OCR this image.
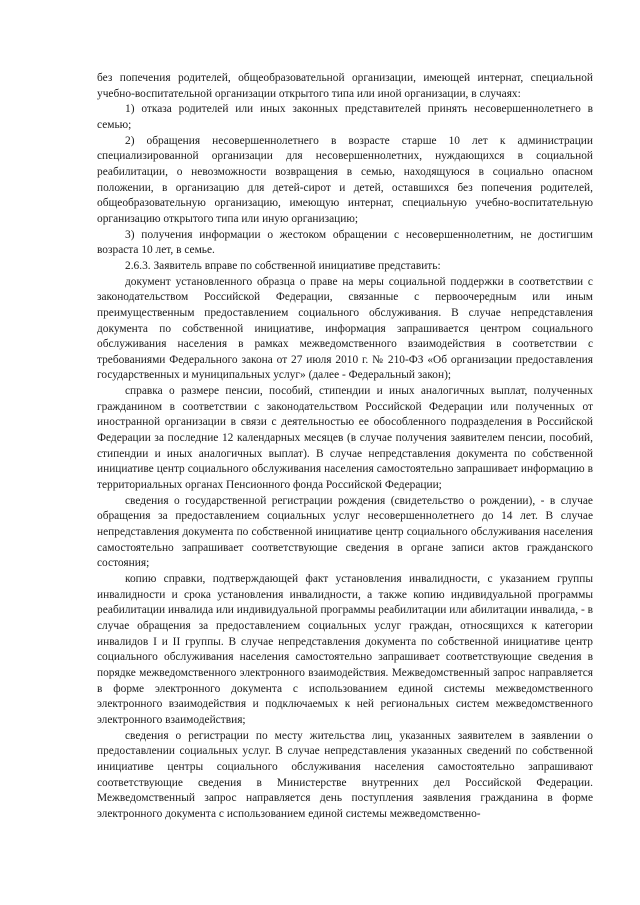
без попечения родителей, общеобразовательной организации, имеющей интернат, специальной учебно-воспитательной организации открытого типа или иной организации, в случаях:

1) отказа родителей или иных законных представителей принять несовершеннолетнего в семью;

2) обращения несовершеннолетнего в возрасте старше 10 лет к администрации специализированной организации для несовершеннолетних, нуждающихся в социальной реабилитации, о невозможности возвращения в семью, находящуюся в социально опасном положении, в организацию для детей-сирот и детей, оставшихся без попечения родителей, общеобразовательную организацию, имеющую интернат, специальную учебно-воспитательную организацию открытого типа или иную организацию;

3) получения информации о жестоком обращении с несовершеннолетним, не достигшим возраста 10 лет, в семье.

2.6.3. Заявитель вправе по собственной инициативе представить:

документ установленного образца о праве на меры социальной поддержки в соответствии с законодательством Российской Федерации, связанные с первоочередным или иным преимущественным предоставлением социального обслуживания. В случае непредставления документа по собственной инициативе, информация запрашивается центром социального обслуживания населения в рамках межведомственного взаимодействия в соответствии с требованиями Федерального закона от 27 июля 2010 г. № 210-ФЗ «Об организации предоставления государственных и муниципальных услуг» (далее - Федеральный закон);

справка о размере пенсии, пособий, стипендии и иных аналогичных выплат, полученных гражданином в соответствии с законодательством Российской Федерации или полученных от иностранной организации в связи с деятельностью ее обособленного подразделения в Российской Федерации за последние 12 календарных месяцев (в случае получения заявителем пенсии, пособий, стипендии и иных аналогичных выплат). В случае непредставления документа по собственной инициативе центр социального обслуживания населения самостоятельно запрашивает информацию в территориальных органах Пенсионного фонда Российской Федерации;

сведения о государственной регистрации рождения (свидетельство о рождении), - в случае обращения за предоставлением социальных услуг несовершеннолетнего до 14 лет. В случае непредставления документа по собственной инициативе центр социального обслуживания населения самостоятельно запрашивает соответствующие сведения в органе записи актов гражданского состояния;

копию справки, подтверждающей факт установления инвалидности, с указанием группы инвалидности и срока установления инвалидности, а также копию индивидуальной программы реабилитации инвалида или индивидуальной программы реабилитации или абилитации инвалида, - в случае обращения за предоставлением социальных услуг граждан, относящихся к категории инвалидов I и II группы. В случае непредставления документа по собственной инициативе центр социального обслуживания населения самостоятельно запрашивает соответствующие сведения в порядке межведомственного электронного взаимодействия. Межведомственный запрос направляется в форме электронного документа с использованием единой системы межведомственного электронного взаимодействия и подключаемых к ней региональных систем межведомственного электронного взаимодействия;

сведения о регистрации по месту жительства лиц, указанных заявителем в заявлении о предоставлении социальных услуг. В случае непредставления указанных сведений по собственной инициативе центры социального обслуживания населения самостоятельно запрашивают соответствующие сведения в Министерстве внутренних дел Российской Федерации. Межведомственный запрос направляется день поступления заявления гражданина в форме электронного документа с использованием единой системы межведомственно-
